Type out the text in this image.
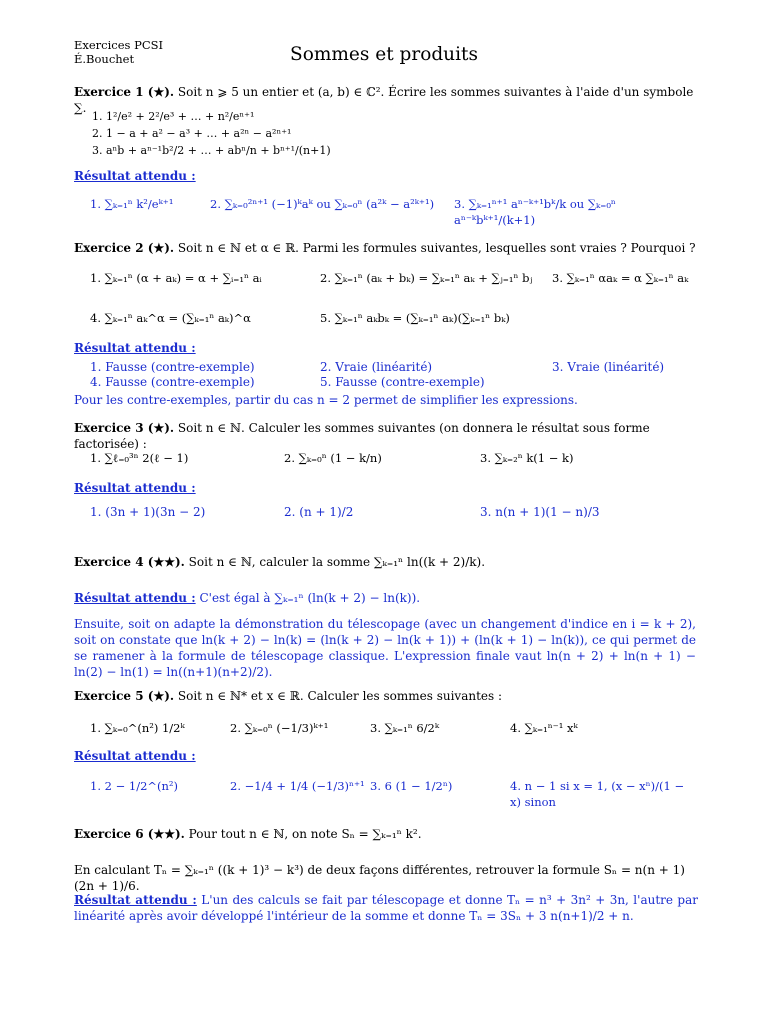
Exercices PCSI
É.Bouchet	Sommes et produits
Exercice 1 (★). Soit n ⩾ 5 un entier et (a, b) ∈ ℂ². Écrire les sommes suivantes à l'aide d'un symbole ∑.
1. 1²/e² + 2²/e³ + … + n²/eⁿ⁺¹
2. 1 − a + a² − a³ + … + a²ⁿ − a²ⁿ⁺¹
3. aⁿb + aⁿ⁻¹b²/2 + … + abⁿ/n + bⁿ⁺¹/(n+1)
Résultat attendu :
1. ∑ₖ₌₁ⁿ k²/eᵏ⁺¹	2. ∑ₖ₌₀²ⁿ⁺¹ (−1)ᵏaᵏ ou ∑ₖ₌₀ⁿ (a²ᵏ − a²ᵏ⁺¹) 3. ∑ₖ₌₁ⁿ⁺¹ aⁿ⁻ᵏ⁺¹bᵏ/k ou ∑ₖ₌₀ⁿ aⁿ⁻ᵏbᵏ⁺¹/(k+1)
Exercice 2 (★). Soit n ∈ ℕ et α ∈ ℝ. Parmi les formules suivantes, lesquelles sont vraies ? Pourquoi ?
1. ∑ₖ₌₁ⁿ (α + aₖ) = α + ∑ᵢ₌₁ⁿ aᵢ	2. ∑ₖ₌₁ⁿ (aₖ + bₖ) = ∑ₖ₌₁ⁿ aₖ + ∑ⱼ₌₁ⁿ bⱼ 3. ∑ₖ₌₁ⁿ αaₖ = α ∑ₖ₌₁ⁿ aₖ
4. ∑ₖ₌₁ⁿ aₖ^α = (∑ₖ₌₁ⁿ aₖ)^α	5. ∑ₖ₌₁ⁿ aₖbₖ = (∑ₖ₌₁ⁿ aₖ)(∑ₖ₌₁ⁿ bₖ)
Résultat attendu :
1. Fausse (contre-exemple)	2. Vraie (linéarité)	3. Vraie (linéarité)
4. Fausse (contre-exemple)	5. Fausse (contre-exemple)
Pour les contre-exemples, partir du cas n = 2 permet de simplifier les expressions.
Exercice 3 (★). Soit n ∈ ℕ. Calculer les sommes suivantes (on donnera le résultat sous forme factorisée) :
1. ∑ℓ₌₀³ⁿ 2(ℓ − 1)	2. ∑ₖ₌₀ⁿ (1 − k/n)	3. ∑ₖ₌₂ⁿ k(1 − k)
Résultat attendu :
1. (3n + 1)(3n − 2)	2. (n + 1)/2	3. n(n + 1)(1 − n)/3
Exercice 4 (★★). Soit n ∈ ℕ, calculer la somme ∑ₖ₌₁ⁿ ln((k + 2)/k).
Résultat attendu : C'est égal à ∑ₖ₌₁ⁿ (ln(k + 2) − ln(k)).
Ensuite, soit on adapte la démonstration du télescopage (avec un changement d'indice en i = k + 2), soit on constate que ln(k + 2) − ln(k) = (ln(k + 2) − ln(k + 1)) + (ln(k + 1) − ln(k)), ce qui permet de se ramener à la formule de télescopage classique. L'expression finale vaut ln(n + 2) + ln(n + 1) − ln(2) − ln(1) = ln((n+1)(n+2)/2).
Exercice 5 (★). Soit n ∈ ℕ* et x ∈ ℝ. Calculer les sommes suivantes :
1. ∑ₖ₌₀^(n²) 1/2ᵏ	2. ∑ₖ₌₀ⁿ (−1/3)ᵏ⁺¹	3. ∑ₖ₌₁ⁿ 6/2ᵏ	4. ∑ₖ₌₁ⁿ⁻¹ xᵏ
Résultat attendu :
1. 2 − 1/2^(n²)	2. −1/4 + 1/4 (−1/3)ⁿ⁺¹ 3. 6 (1 − 1/2ⁿ)	4. n − 1 si x = 1, (x − xⁿ)/(1 − x) sinon
Exercice 6 (★★). Pour tout n ∈ ℕ, on note Sₙ = ∑ₖ₌₁ⁿ k².
En calculant Tₙ = ∑ₖ₌₁ⁿ ((k + 1)³ − k³) de deux façons différentes, retrouver la formule Sₙ = n(n + 1)(2n + 1)/6.
Résultat attendu : L'un des calculs se fait par télescopage et donne Tₙ = n³ + 3n² + 3n, l'autre par linéarité après avoir développé l'intérieur de la somme et donne Tₙ = 3Sₙ + 3 n(n+1)/2 + n.
